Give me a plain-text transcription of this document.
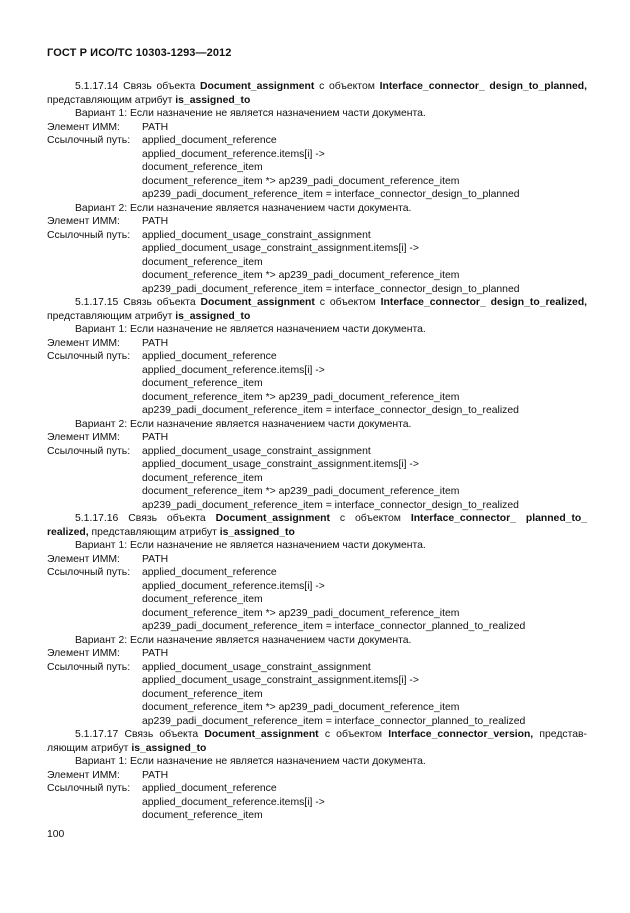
ГОСТ Р ИСО/ТС 10303-1293—2012
5.1.17.14 Связь объекта Document_assignment с объектом Interface_connector_ design_to_planned,
представляющим атрибут is_assigned_to
Вариант 1: Если назначение не является назначением части документа.
Элемент ИММ: PATH
Ссылочный путь: applied_document_reference
applied_document_reference.items[i] ->
document_reference_item
document_reference_item *> ap239_padi_document_reference_item
ap239_padi_document_reference_item = interface_connector_design_to_planned
Вариант 2: Если назначение является назначением части документа.
Элемент ИММ: PATH
Ссылочный путь: applied_document_usage_constraint_assignment
applied_document_usage_constraint_assignment.items[i] ->
document_reference_item
document_reference_item *> ap239_padi_document_reference_item
ap239_padi_document_reference_item = interface_connector_design_to_planned
5.1.17.15 Связь объекта Document_assignment с объектом Interface_connector_ design_to_realized,
представляющим атрибут is_assigned_to
Вариант 1: Если назначение не является назначением части документа.
Элемент ИММ: PATH
Ссылочный путь: applied_document_reference
applied_document_reference.items[i] ->
document_reference_item
document_reference_item *> ap239_padi_document_reference_item
ap239_padi_document_reference_item = interface_connector_design_to_realized
Вариант 2: Если назначение является назначением части документа.
Элемент ИММ: PATH
Ссылочный путь: applied_document_usage_constraint_assignment
applied_document_usage_constraint_assignment.items[i] ->
document_reference_item
document_reference_item *> ap239_padi_document_reference_item
ap239_padi_document_reference_item = interface_connector_design_to_realized
5.1.17.16 Связь объекта Document_assignment с объектом Interface_connector_ planned_to_
realized, представляющим атрибут is_assigned_to
Вариант 1: Если назначение не является назначением части документа.
Элемент ИММ: PATH
Ссылочный путь: applied_document_reference
applied_document_reference.items[i] ->
document_reference_item
document_reference_item *> ap239_padi_document_reference_item
ap239_padi_document_reference_item = interface_connector_planned_to_realized
Вариант 2: Если назначение является назначением части документа.
Элемент ИММ: PATH
Ссылочный путь: applied_document_usage_constraint_assignment
applied_document_usage_constraint_assignment.items[i] ->
document_reference_item
document_reference_item *> ap239_padi_document_reference_item
ap239_padi_document_reference_item = interface_connector_planned_to_realized
5.1.17.17 Связь объекта Document_assignment с объектом Interface_connector_version, представ-
ляющим атрибут is_assigned_to
Вариант 1: Если назначение не является назначением части документа.
Элемент ИММ: PATH
Ссылочный путь: applied_document_reference
applied_document_reference.items[i] ->
document_reference_item
100
